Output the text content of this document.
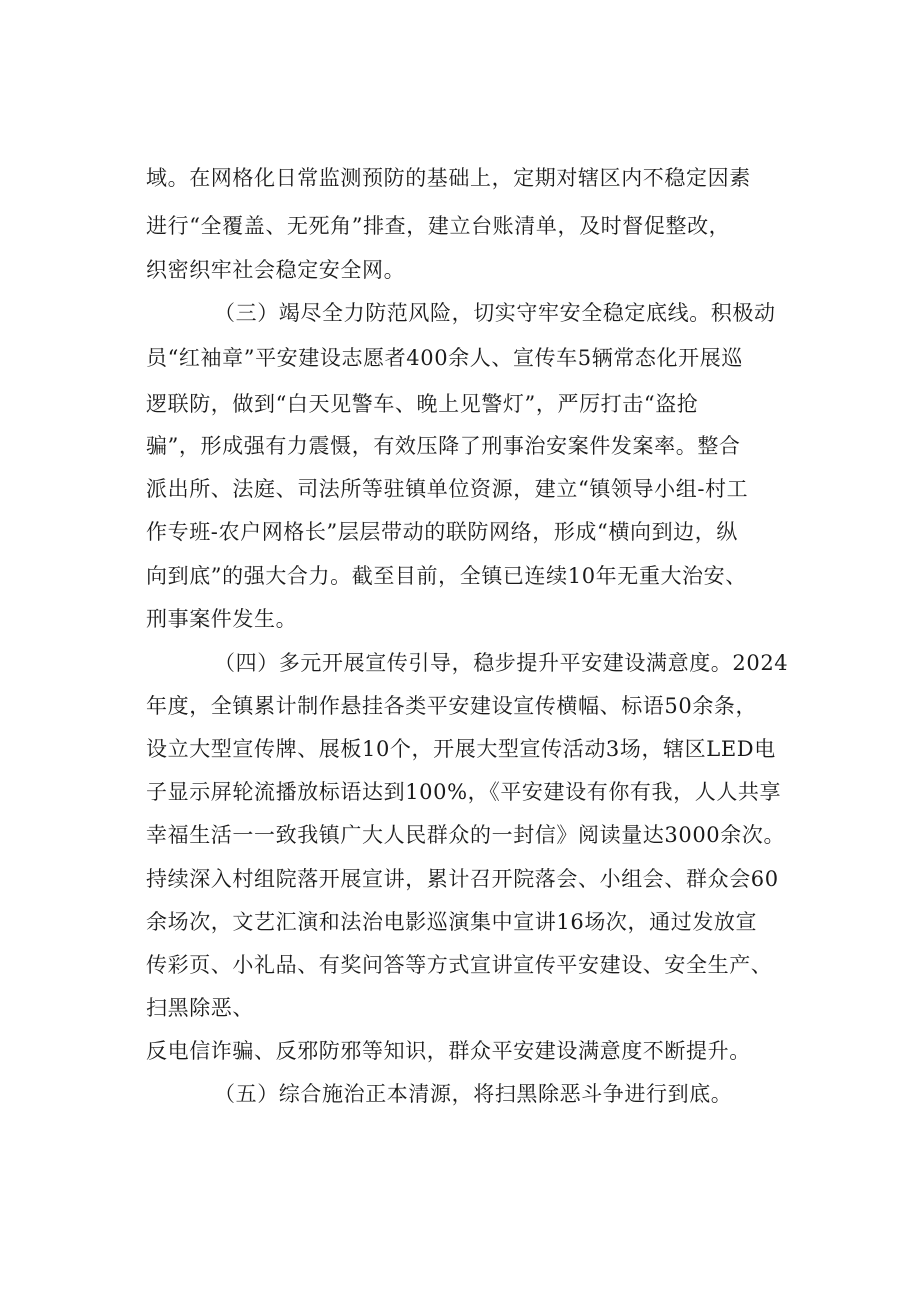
域。在网格化日常监测预防的基础上，定期对辖区内不稳定因素

进行“全覆盖、无死角”排查，建立台账清单，及时督促整改，

织密织牢社会稳定安全网。

（三）竭尽全力防范风险，切实守牢安全稳定底线。积极动

员“红袖章”平安建设志愿者400余人、宣传车5辆常态化开展巡

逻联防，做到“白天见警车、晚上见警灯”，严厉打击“盗抢

骗”，形成强有力震慑，有效压降了刑事治安案件发案率。整合

派出所、法庭、司法所等驻镇单位资源，建立“镇领导小组-村工

作专班-农户网格长”层层带动的联防网络，形成“横向到边，纵

向到底”的强大合力。截至目前，全镇已连续10年无重大治安、

刑事案件发生。

（四）多元开展宣传引导，稳步提升平安建设满意度。2024

年度，全镇累计制作悬挂各类平安建设宣传横幅、标语50余条，

设立大型宣传牌、展板10个，开展大型宣传活动3场，辖区LED电

子显示屏轮流播放标语达到100%，《平安建设有你有我，人人共享

幸福生活一一致我镇广大人民群众的一封信》阅读量达3000余次。

持续深入村组院落开展宣讲，累计召开院落会、小组会、群众会60

余场次，文艺汇演和法治电影巡演集中宣讲16场次，通过发放宣

传彩页、小礼品、有奖问答等方式宣讲宣传平安建设、安全生产、

扫黑除恶、

反电信诈骗、反邪防邪等知识，群众平安建设满意度不断提升。

（五）综合施治正本清源，将扫黑除恶斗争进行到底。
